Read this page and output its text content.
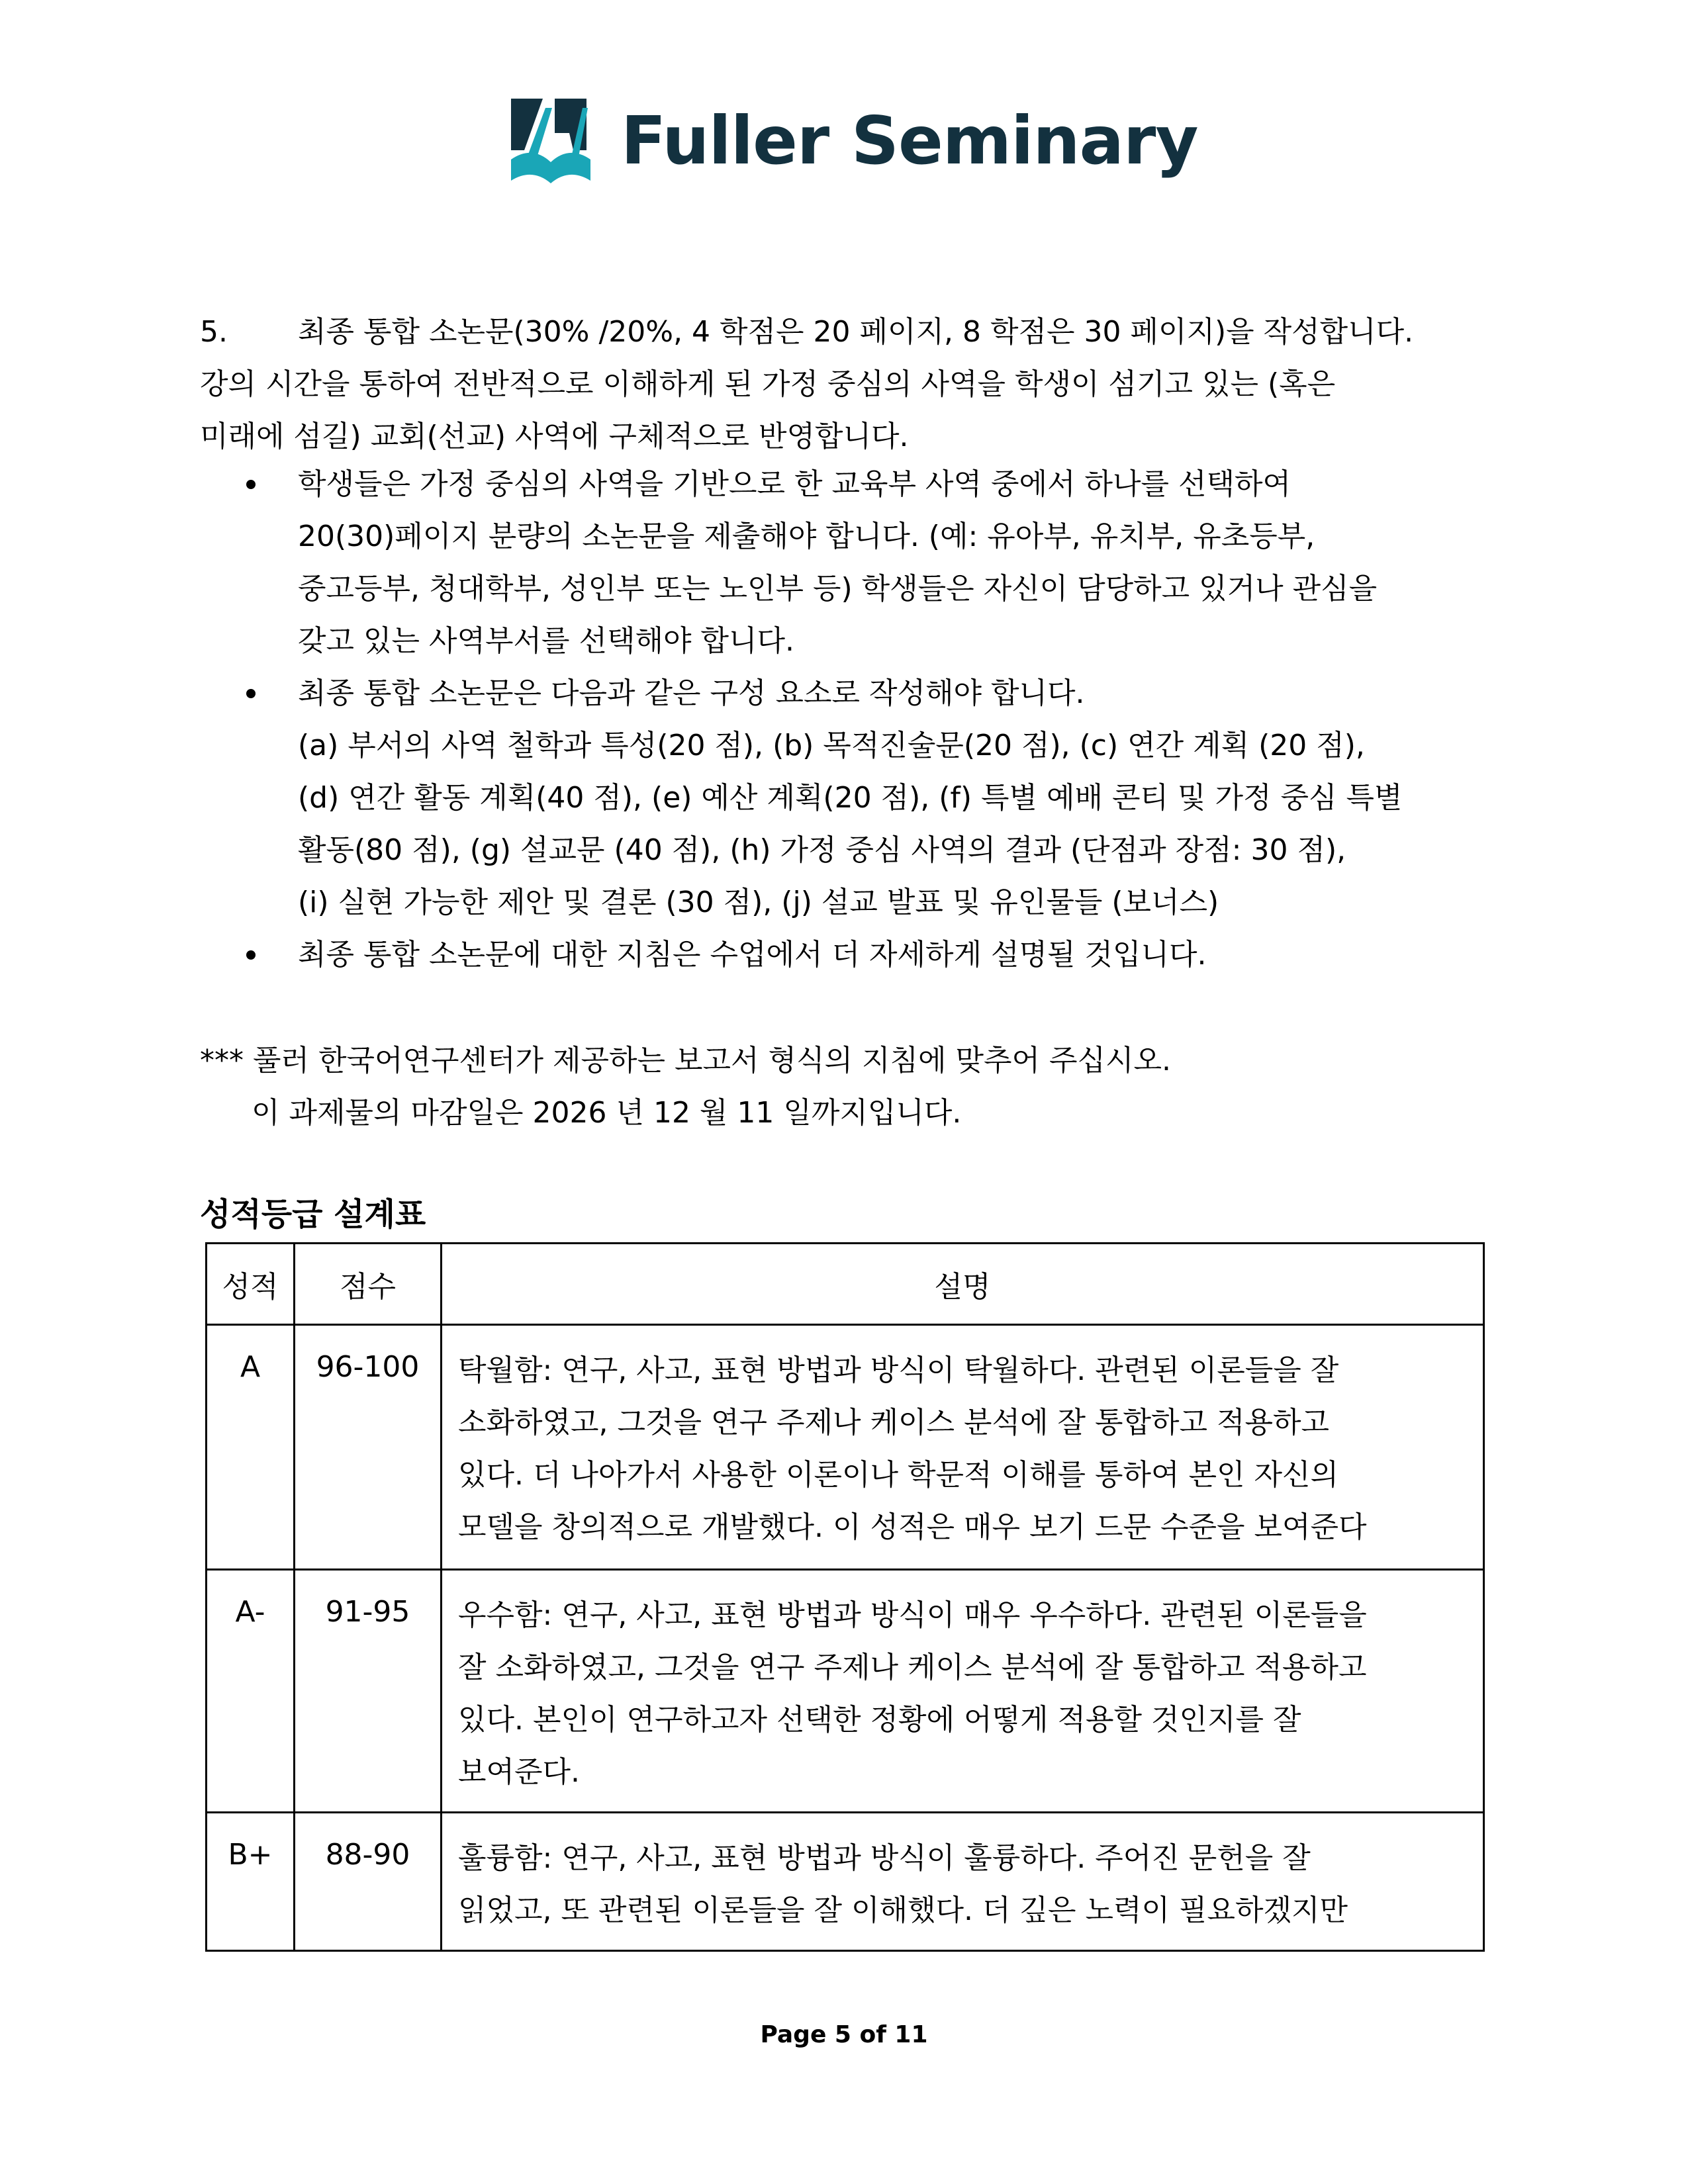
Fuller Seminary
5. 최종 통합 소논문(30% /20%, 4 학점은 20 페이지, 8 학점은 30 페이지)을 작성합니다.
강의 시간을 통하여 전반적으로 이해하게 된 가정 중심의 사역을 학생이 섬기고 있는 (혹은
미래에 섬길) 교회(선교) 사역에 구체적으로 반영합니다.
학생들은 가정 중심의 사역을 기반으로 한 교육부 사역 중에서 하나를 선택하여
20(30)페이지 분량의 소논문을 제출해야 합니다. (예: 유아부, 유치부, 유초등부,
중고등부, 청대학부, 성인부 또는 노인부 등) 학생들은 자신이 담당하고 있거나 관심을
갖고 있는 사역부서를 선택해야 합니다.
최종 통합 소논문은 다음과 같은 구성 요소로 작성해야 합니다.
(a) 부서의 사역 철학과 특성(20 점), (b) 목적진술문(20 점), (c) 연간 계획 (20 점),
(d) 연간 활동 계획(40 점), (e) 예산 계획(20 점), (f) 특별 예배 콘티 및 가정 중심 특별
활동(80 점), (g) 설교문 (40 점), (h) 가정 중심 사역의 결과 (단점과 장점: 30 점),
(i) 실현 가능한 제안 및 결론 (30 점), (j) 설교 발표 및 유인물들 (보너스)
최종 통합 소논문에 대한 지침은 수업에서 더 자세하게 설명될 것입니다.
*** 풀러 한국어연구센터가 제공하는 보고서 형식의 지침에 맞추어 주십시오.
이 과제물의 마감일은 2026 년 12 월 11 일까지입니다.
성적등급 설계표
성적	점수	설명

A	96-100	탁월함: 연구, 사고, 표현 방법과 방식이 탁월하다. 관련된 이론들을 잘
소화하였고, 그것을 연구 주제나 케이스 분석에 잘 통합하고 적용하고
있다. 더 나아가서 사용한 이론이나 학문적 이해를 통하여 본인 자신의
모델을 창의적으로 개발했다. 이 성적은 매우 보기 드문 수준을 보여준다

A-	91-95	우수함: 연구, 사고, 표현 방법과 방식이 매우 우수하다. 관련된 이론들을
잘 소화하였고, 그것을 연구 주제나 케이스 분석에 잘 통합하고 적용하고
있다. 본인이 연구하고자 선택한 정황에 어떻게 적용할 것인지를 잘
보여준다.

B+	88-90	훌륭함: 연구, 사고, 표현 방법과 방식이 훌륭하다. 주어진 문헌을 잘
읽었고, 또 관련된 이론들을 잘 이해했다. 더 깊은 노력이 필요하겠지만
Page 5 of 11
